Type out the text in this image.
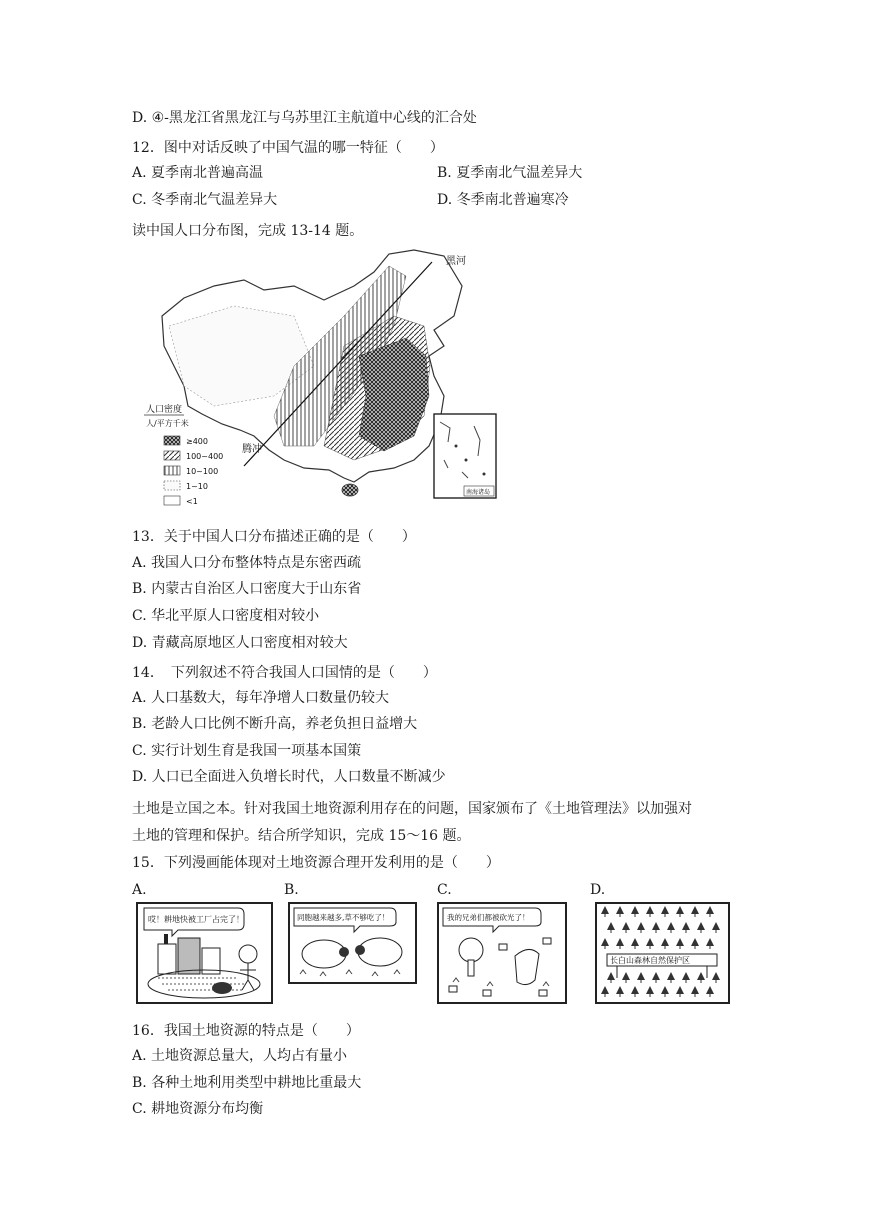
D. ④-黑龙江省黑龙江与乌苏里江主航道中心线的汇合处
12．图中对话反映了中国气温的哪一特征（　　）
A. 夏季南北普遍高温	B. 夏季南北气温差异大
C. 冬季南北气温差异大	D. 冬季南北普遍寒冷
读中国人口分布图，完成 13-14 题。
黑河
腾冲
人口密度
人/平方千米
≥400
100~400
10~100
1~10
<1
南海诸岛
13．关于中国人口分布描述正确的是（　　）
A. 我国人口分布整体特点是东密西疏
B. 内蒙古自治区人口密度大于山东省
C. 华北平原人口密度相对较小
D. 青藏高原地区人口密度相对较大
14．　下列叙述不符合我国人口国情的是（　　）
A. 人口基数大，每年净增人口数量仍较大
B. 老龄人口比例不断升高，养老负担日益增大
C. 实行计划生育是我国一项基本国策
D. 人口已全面进入负增长时代，人口数量不断减少
土地是立国之本。针对我国土地资源利用存在的问题，国家颁布了《土地管理法》以加强对
土地的管理和保护。结合所学知识，完成 15～16 题。
15．下列漫画能体现对土地资源合理开发利用的是（　　）
A.	B.	C.	D.
哎！耕地快被工厂占完了！	同胞越来越多,草不够吃了！	我的兄弟们都被砍光了！
长白山森林自然保护区
16．我国土地资源的特点是（　　）
A. 土地资源总量大，人均占有量小
B. 各种土地利用类型中耕地比重最大
C. 耕地资源分布均衡
